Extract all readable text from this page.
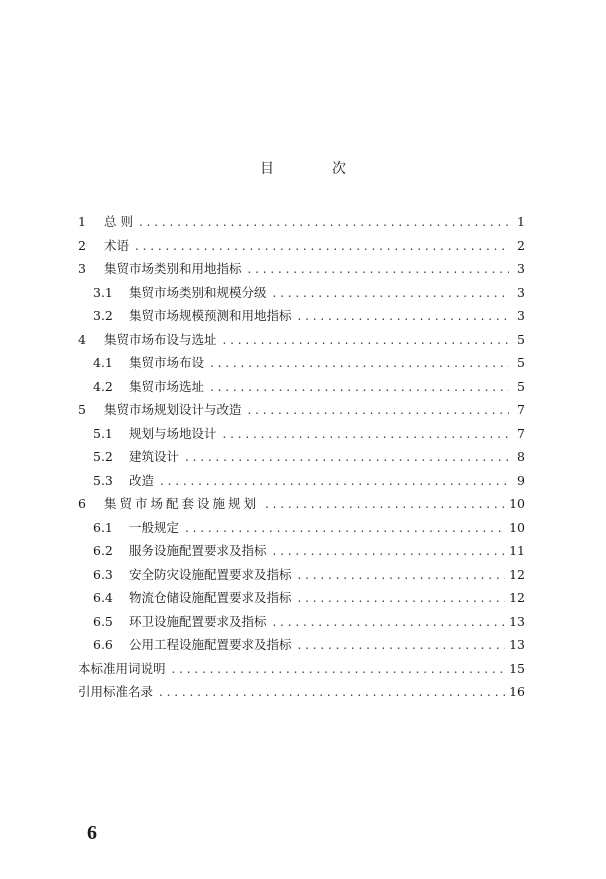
目	次
1	总 则 . . .	1
2	术语 . . .	2
3	集贸市场类别和用地指标 . . .	3
3.1	集贸市场类别和规模分级 . . .	3
3.2	集贸市场规模预测和用地指标 . . .	3
4	集贸市场布设与选址 . . .	5
4.1	集贸市场布设 . . .	5
4.2	集贸市场选址 . . .	5
5	集贸市场规划设计与改造 . . .	7
5.1	规划与场地设计 . . .	7
5.2	建筑设计 . . .	8
5.3	改造 . . .	9
6	集贸市场配套设施规划 . . .	10
6.1	一般规定 . . .	10
6.2	服务设施配置要求及指标 . . .	11
6.3	安全防灾设施配置要求及指标 . . .	12
6.4	物流仓储设施配置要求及指标 . . .	12
6.5	环卫设施配置要求及指标 . . .	13
6.6	公用工程设施配置要求及指标 . . .	13
本标准用词说明 . . .	15
引用标准名录 . . .	16
6
